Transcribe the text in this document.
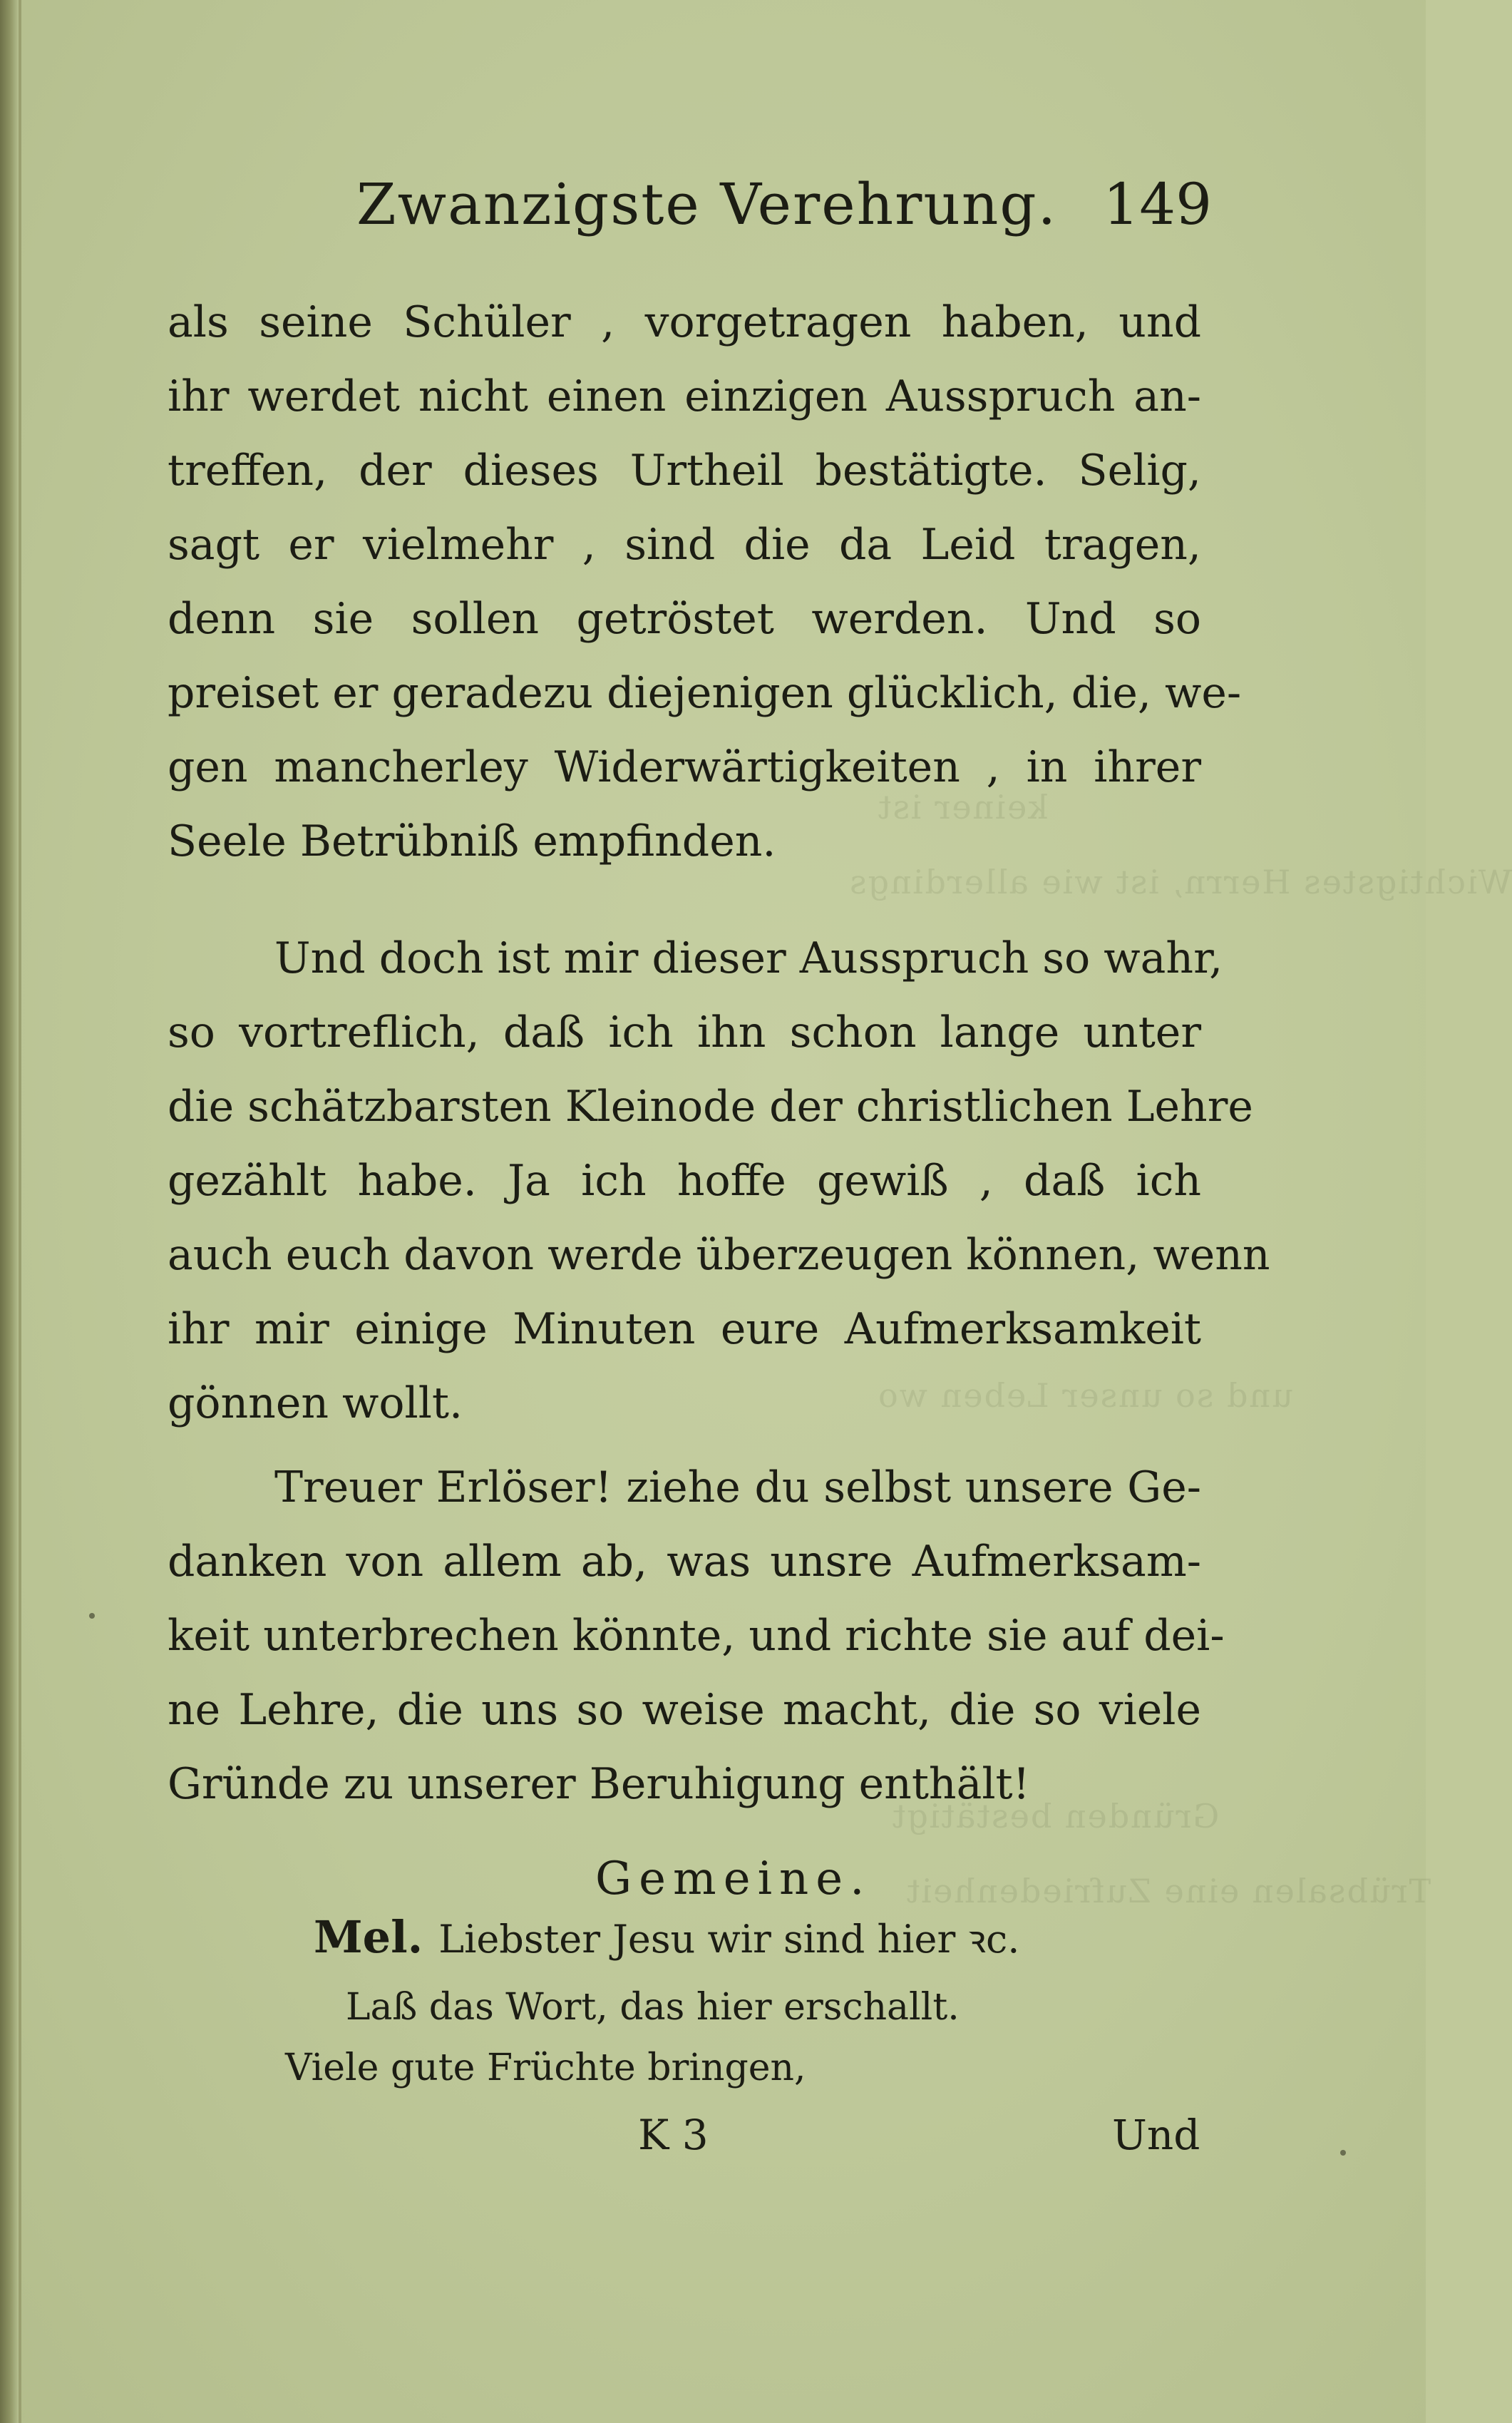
keiner ist
Wichtigstes Herrn, ist wie allerdings
und so unser Leben wo
Gründen bestätigt
Trübsalen eine Zufriedenheit
Zwanzigste Verehrung. 149
als seine Schüler , vorgetragen haben, und
ihr werdet nicht einen einzigen Ausspruch an-
treffen, der dieses Urtheil bestätigte. Selig,
sagt er vielmehr , sind die da Leid tragen,
denn sie sollen getröstet werden. Und so
preiset er geradezu diejenigen glücklich, die, we-
gen mancherley Widerwärtigkeiten , in ihrer
Seele Betrübniß empfinden.
Und doch ist mir dieser Ausspruch so wahr,
so vortreflich, daß ich ihn schon lange unter
die schätzbarsten Kleinode der christlichen Lehre
gezählt habe. Ja ich hoffe gewiß , daß ich
auch euch davon werde überzeugen können, wenn
ihr mir einige Minuten eure Aufmerksamkeit
gönnen wollt.
Treuer Erlöser! ziehe du selbst unsere Ge-
danken von allem ab, was unsre Aufmerksam-
keit unterbrechen könnte, und richte sie auf dei-
ne Lehre, die uns so weise macht, die so viele
Gründe zu unserer Beruhigung enthält!
Gemeine.
Mel. Liebster Jesu wir sind hier ꝛc.
Laß das Wort, das hier erschallt.
Viele gute Früchte bringen,
K 3	Und
